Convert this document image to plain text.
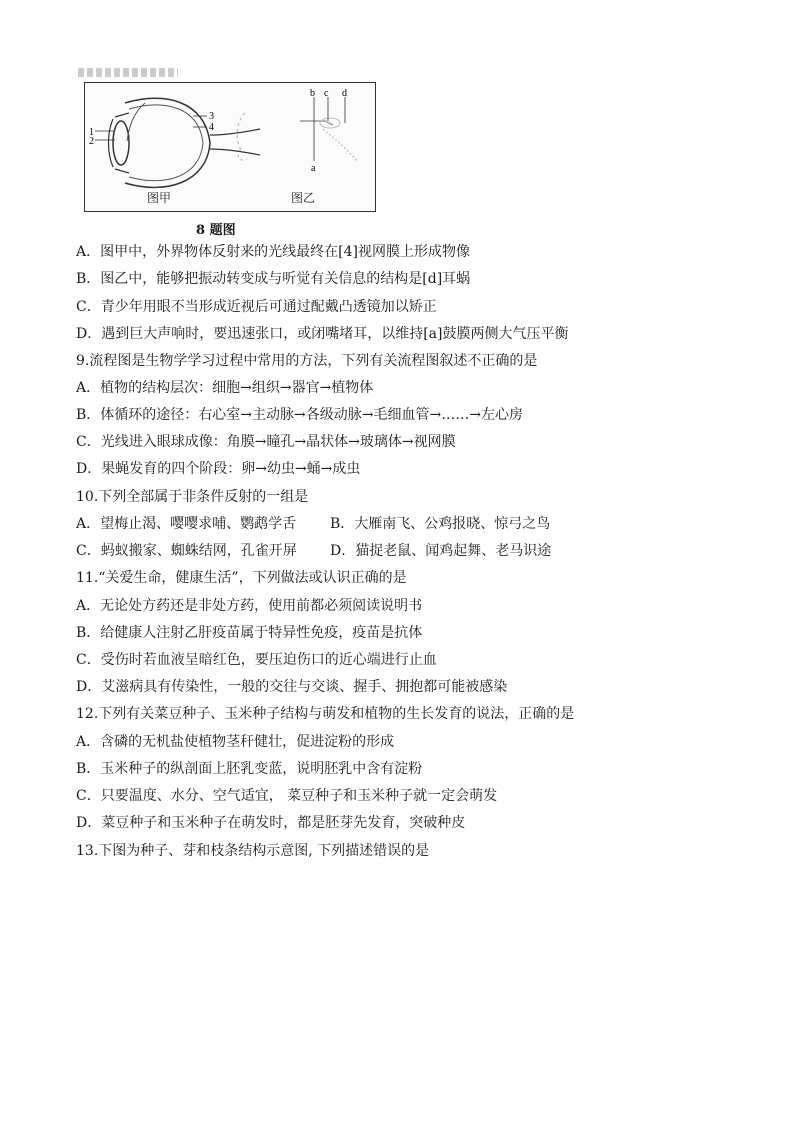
1
2
3
4
b c d
a
图甲	图乙
8 题图
A．图甲中，外界物体反射来的光线最终在[4]视网膜上形成物像
B．图乙中，能够把振动转变成与听觉有关信息的结构是[d]耳蜗
C．青少年用眼不当形成近视后可通过配戴凸透镜加以矫正
D．遇到巨大声响时，要迅速张口，或闭嘴堵耳，以维持[a]鼓膜两侧大气压平衡
9.流程图是生物学学习过程中常用的方法，下列有关流程图叙述不正确的是
A．植物的结构层次：细胞→组织→器官→植物体
B．体循环的途径：右心室→主动脉→各级动脉→毛细血管→……→左心房
C．光线进入眼球成像：角膜→瞳孔→晶状体→玻璃体→视网膜
D．果蝇发育的四个阶段：卵→幼虫→蛹→成虫
10.下列全部属于非条件反射的一组是
A．望梅止渴、嘤嘤求哺、鹦鹉学舌 B．大雁南飞、公鸡报晓、惊弓之鸟
C．蚂蚁搬家、蜘蛛结网，孔雀开屏 D．猫捉老鼠、闻鸡起舞、老马识途
11.“关爱生命，健康生活”，下列做法或认识正确的是
A．无论处方药还是非处方药，使用前都必须阅读说明书
B．给健康人注射乙肝疫苗属于特异性免疫，疫苗是抗体
C．受伤时若血液呈暗红色，要压迫伤口的近心端进行止血
D．艾滋病具有传染性，一般的交往与交谈、握手、拥抱都可能被感染
12.下列有关菜豆种子、玉米种子结构与萌发和植物的生长发育的说法，正确的是
A．含磷的无机盐使植物茎秆健壮，促进淀粉的形成
B．玉米种子的纵剖面上胚乳变蓝，说明胚乳中含有淀粉
C．只要温度、水分、空气适宜， 菜豆种子和玉米种子就一定会萌发
D．菜豆种子和玉米种子在萌发时，都是胚芽先发育，突破种皮
13.下图为种子、芽和枝条结构示意图, 下列描述错误的是
